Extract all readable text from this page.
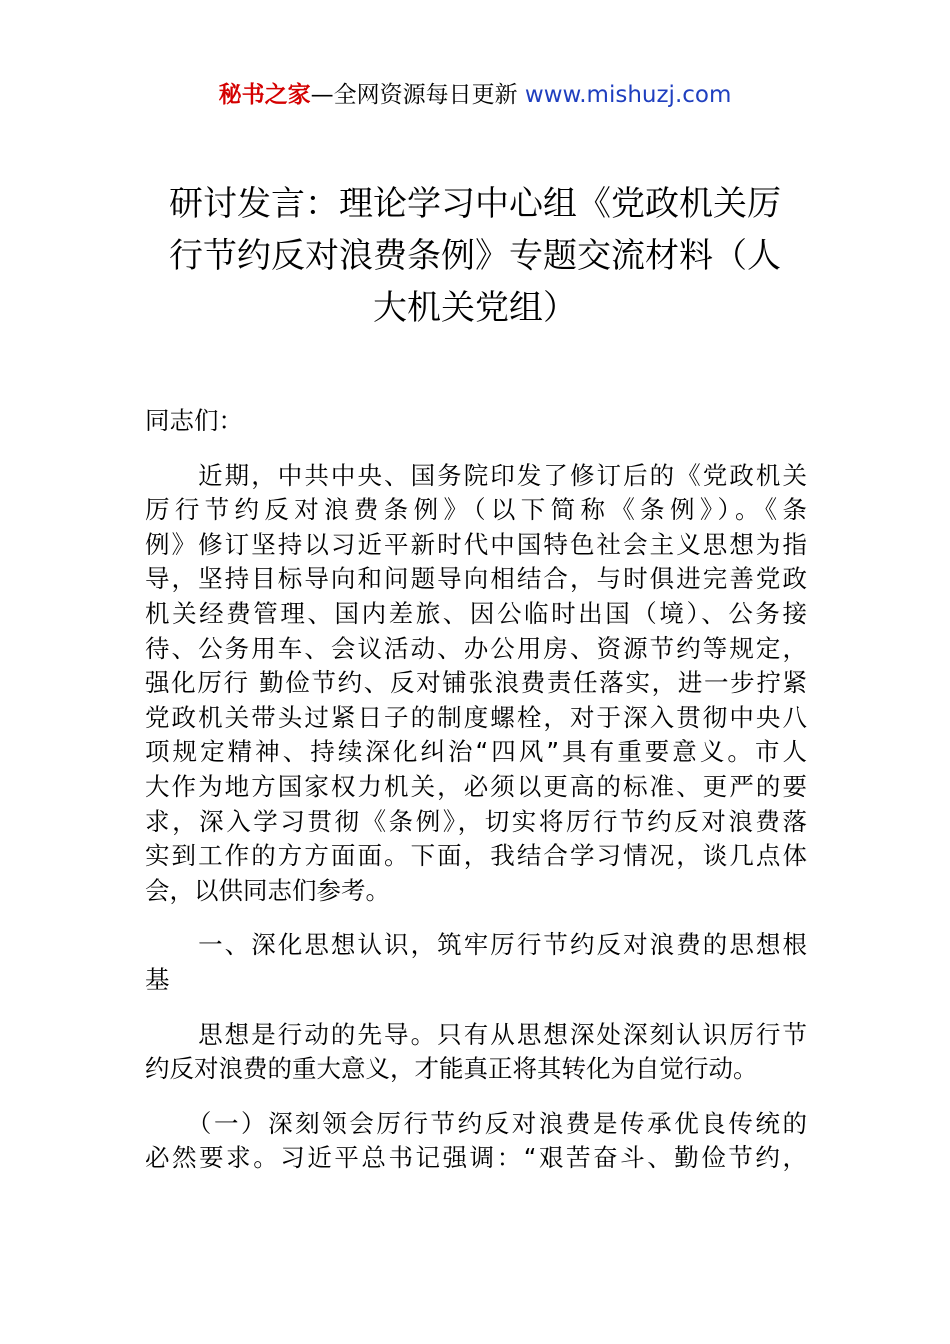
秘书之家—全网资源每日更新 www.mishuzj.com
研讨发言：理论学习中心组《党政机关厉
行节约反对浪费条例》专题交流材料（人
大机关党组）
同志们：
　　近期，中共中央、国务院印发了修订后的《党政机关
厉行节约反对浪费条例》（以下简称《条例》）。《条
例》修订坚持以习近平新时代中国特色社会主义思想为指
导，坚持目标导向和问题导向相结合，与时俱进完善党政
机关经费管理、国内差旅、因公临时出国（境）、公务接
待、公务用车、会议活动、办公用房、资源节约等规定，
强化厉行 勤俭节约、反对铺张浪费责任落实，进一步拧紧
党政机关带头过紧日子的制度螺栓，对于深入贯彻中央八
项规定精神、持续深化纠治“四风”具有重要意义。市人
大作为地方国家权力机关，必须以更高的标准、更严的要
求，深入学习贯彻《条例》，切实将厉行节约反对浪费落
实到工作的方方面面。下面，我结合学习情况，谈几点体
会，以供同志们参考。
　　一、深化思想认识，筑牢厉行节约反对浪费的思想根
基
　　思想是行动的先导。只有从思想深处深刻认识厉行节
约反对浪费的重大意义，才能真正将其转化为自觉行动。
　　（一）深刻领会厉行节约反对浪费是传承优良传统的
必然要求。习近平总书记强调：“艰苦奋斗、勤俭节约，
